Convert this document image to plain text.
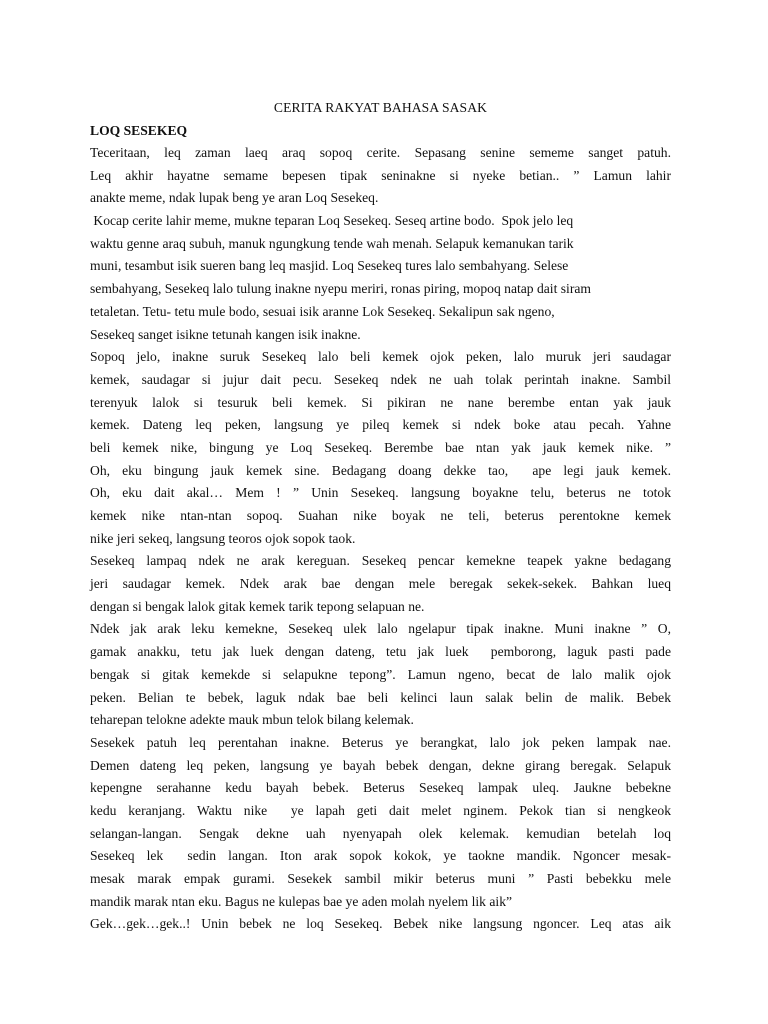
CERITA RAKYAT BAHASA SASAK

LOQ SESEKEQ

Teceritaan, leq zaman laeq araq sopoq cerite. Sepasang senine sememe sanget patuh.

Leq akhir hayatne semame bepesen tipak seninakne si nyeke betian.. ” Lamun lahir

anakte meme, ndak lupak beng ye aran Loq Sesekeq.

Kocap cerite lahir meme, mukne teparan Loq Sesekeq. Seseq artine bodo.  Spok jelo leq

waktu genne araq subuh, manuk ngungkung tende wah menah. Selapuk kemanukan tarik

muni, tesambut isik sueren bang leq masjid. Loq Sesekeq tures lalo sembahyang. Selese

sembahyang, Sesekeq lalo tulung inakne nyepu meriri, ronas piring, mopoq natap dait siram

tetaletan. Tetu- tetu mule bodo, sesuai isik aranne Lok Sesekeq. Sekalipun sak ngeno,

Sesekeq sanget isikne tetunah kangen isik inakne.

Sopoq jelo, inakne suruk Sesekeq lalo beli kemek ojok peken, lalo muruk jeri saudagar

kemek, saudagar si jujur dait pecu. Sesekeq ndek ne uah tolak perintah inakne. Sambil

terenyuk lalok si tesuruk beli kemek. Si pikiran ne nane berembe entan yak jauk

kemek. Dateng leq peken, langsung ye pileq kemek si ndek boke atau pecah. Yahne

beli kemek nike, bingung ye Loq Sesekeq. Berembe bae ntan yak jauk kemek nike. ”

Oh, eku bingung jauk kemek sine. Bedagang doang dekke tao,  ape legi jauk kemek.

Oh, eku dait akal… Mem ! ” Unin Sesekeq. langsung boyakne telu, beterus ne totok

kemek nike ntan-ntan sopoq. Suahan nike boyak ne teli, beterus perentokne kemek

nike jeri sekeq, langsung teoros ojok sopok taok.

Sesekeq lampaq ndek ne arak kereguan. Sesekeq pencar kemekne teapek yakne bedagang

jeri saudagar kemek. Ndek arak bae dengan mele beregak sekek-sekek. Bahkan lueq

dengan si bengak lalok gitak kemek tarik tepong selapuan ne.

Ndek jak arak leku kemekne, Sesekeq ulek lalo ngelapur tipak inakne. Muni inakne ” O,

gamak anakku, tetu jak luek dengan dateng, tetu jak luek  pemborong, laguk pasti pade

bengak si gitak kemekde si selapukne tepong”. Lamun ngeno, becat de lalo malik ojok

peken. Belian te bebek, laguk ndak bae beli kelinci laun salak belin de malik. Bebek

teharepan telokne adekte mauk mbun telok bilang kelemak.

Sesekek patuh leq perentahan inakne. Beterus ye berangkat, lalo jok peken lampak nae.

Demen dateng leq peken, langsung ye bayah bebek dengan, dekne girang beregak. Selapuk

kepengne serahanne kedu bayah bebek. Beterus Sesekeq lampak uleq. Jaukne bebekne

kedu keranjang. Waktu nike  ye lapah geti dait melet nginem. Pekok tian si nengkeok

selangan-langan. Sengak dekne uah nyenyapah olek kelemak. kemudian betelah loq

Sesekeq lek  sedin langan. Iton arak sopok kokok, ye taokne mandik. Ngoncer mesak-

mesak marak empak gurami. Sesekek sambil mikir beterus muni ” Pasti bebekku mele

mandik marak ntan eku. Bagus ne kulepas bae ye aden molah nyelem lik aik”

Gek…gek…gek..! Unin bebek ne loq Sesekeq. Bebek nike langsung ngoncer. Leq atas aik
